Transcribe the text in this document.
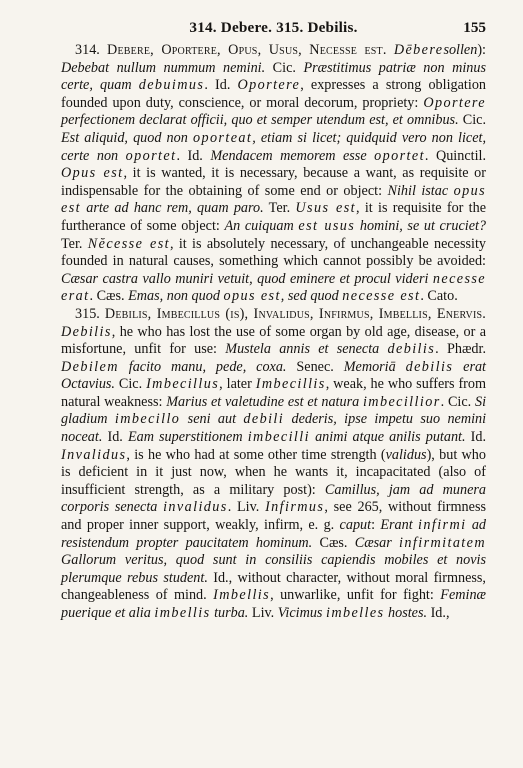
314. Debere. 315. Debilis.	155

314. Debere, Oportere, Opus, Usus, Necesse est. Dēberesollen): Debebat nullum nummum nemini. Cic. Præstitimus patriæ non minus certe, quam debuimus. Id. Oportere, expresses a strong obligation founded upon duty, conscience, or moral decorum, propriety: Oportere perfectionem declarat officii, quo et semper utendum est, et omnibus. Cic. Est aliquid, quod non oporteat, etiam si licet; quidquid vero non licet, certe non oportet. Id. Mendacem memorem esse oportet. Quinctil. Opus est, it is wanted, it is necessary, because a want, as requisite or indispensable for the obtaining of some end or object: Nihil istac opus est arte ad hanc rem, quam paro. Ter. Usus est, it is requisite for the furtherance of some object: An cuiquam est usus homini, se ut cruciet? Ter. Nĕcesse est, it is absolutely necessary, of unchangeable necessity founded in natural causes, something which cannot possibly be avoided: Cæsar castra vallo muniri vetuit, quod eminere et procul videri necesse erat. Cæs. Emas, non quod opus est, sed quod necesse est. Cato.

315. Debilis, Imbecillus (is), Invalidus, Infirmus, Imbellis, Enervis. Debilis, he who has lost the use of some organ by old age, disease, or a misfortune, unfit for use: Mustela annis et senecta debilis. Phædr. Debilem facito manu, pede, coxa. Senec. Memoriā debilis erat Octavius. Cic. Imbecillus, later Imbecillis, weak, he who suffers from natural weakness: Marius et valetudine est et natura imbecillior. Cic. Si gladium imbecillo seni aut debili dederis, ipse impetu suo nemini noceat. Id. Eam superstitionem imbecilli animi atque anilis putant. Id. Invalidus, is he who had at some other time strength (validus), but who is deficient in it just now, when he wants it, incapacitated (also of insufficient strength, as a military post): Camillus, jam ad munera corporis senecta invalidus. Liv. Infirmus, see 265, without firmness and proper inner support, weakly, infirm, e. g. caput: Erant infirmi ad resistendum propter paucitatem hominum. Cæs. Cæsar infirmitatem Gallorum veritus, quod sunt in consiliis capiendis mobiles et novis plerumque rebus student. Id., without character, without moral firmness, changeableness of mind. Imbellis, unwarlike, unfit for fight: Feminæ puerique et alia imbellis turba. Liv. Vicimus imbelles hostes. Id.,
